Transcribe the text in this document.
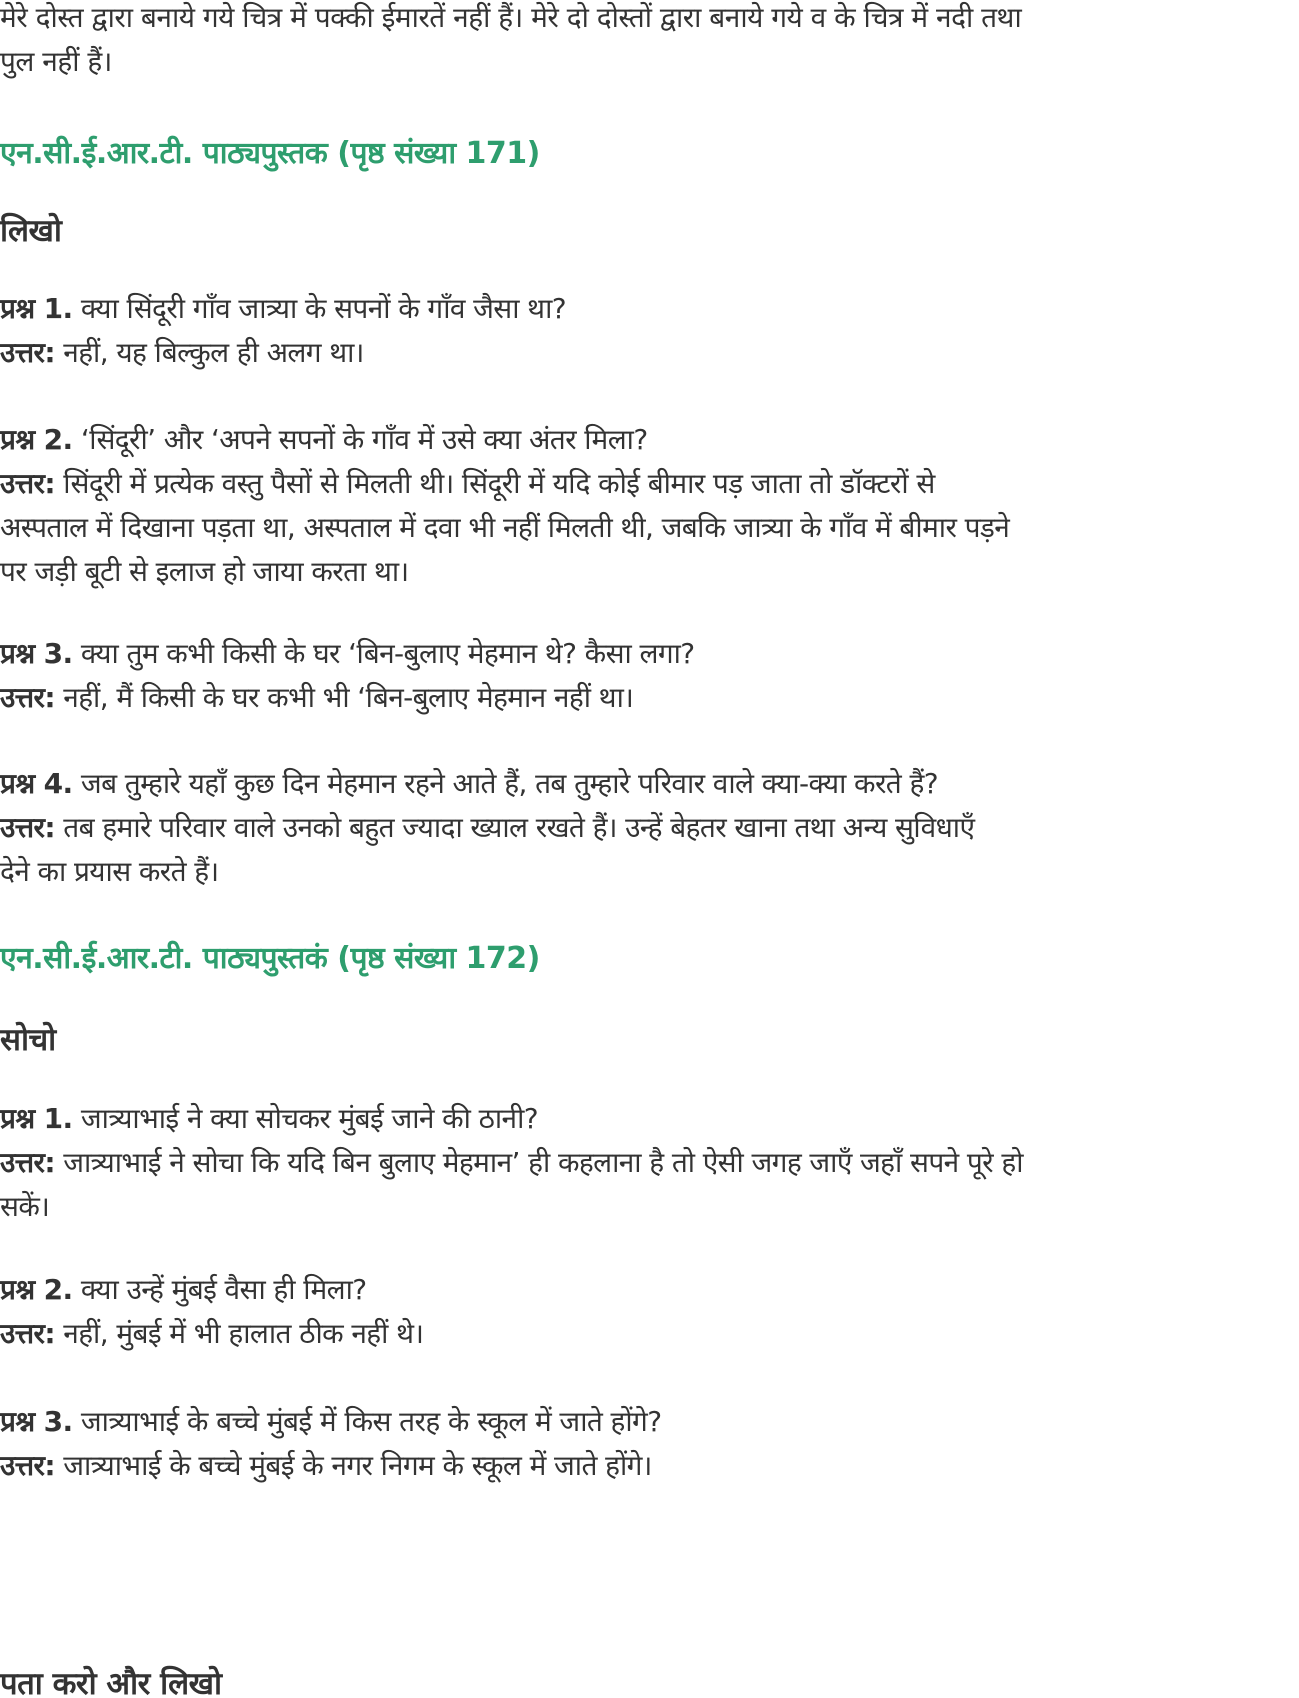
मेरे दोस्त द्वारा बनाये गये चित्र में पक्की ईमारतें नहीं हैं। मेरे दो दोस्तों द्वारा बनाये गये व के चित्र में नदी तथा
पुल नहीं हैं।
एन.सी.ई.आर.टी. पाठ्यपुस्तक (पृष्ठ संख्या 171)
लिखो
प्रश्न 1. क्या सिंदूरी गाँव जात्र्या के सपनों के गाँव जैसा था?
उत्तर: नहीं, यह बिल्कुल ही अलग था।
प्रश्न 2. ‘सिंदूरी’ और ‘अपने सपनों के गाँव में उसे क्या अंतर मिला?
उत्तर: सिंदूरी में प्रत्येक वस्तु पैसों से मिलती थी। सिंदूरी में यदि कोई बीमार पड़ जाता तो डॉक्टरों से
अस्पताल में दिखाना पड़ता था, अस्पताल में दवा भी नहीं मिलती थी, जबकि जात्र्या के गाँव में बीमार पड़ने
पर जड़ी बूटी से इलाज हो जाया करता था।
प्रश्न 3. क्या तुम कभी किसी के घर ‘बिन-बुलाए मेहमान थे? कैसा लगा?
उत्तर: नहीं, मैं किसी के घर कभी भी ‘बिन-बुलाए मेहमान नहीं था।
प्रश्न 4. जब तुम्हारे यहाँ कुछ दिन मेहमान रहने आते हैं, तब तुम्हारे परिवार वाले क्या-क्या करते हैं?
उत्तर: तब हमारे परिवार वाले उनको बहुत ज्यादा ख्याल रखते हैं। उन्हें बेहतर खाना तथा अन्य सुविधाएँ
देने का प्रयास करते हैं।
एन.सी.ई.आर.टी. पाठ्यपुस्तकं (पृष्ठ संख्या 172)
सोचो
प्रश्न 1. जात्र्याभाई ने क्या सोचकर मुंबई जाने की ठानी?
उत्तर: जात्र्याभाई ने सोचा कि यदि बिन बुलाए मेहमान’ ही कहलाना है तो ऐसी जगह जाएँ जहाँ सपने पूरे हो
सकें।
प्रश्न 2. क्या उन्हें मुंबई वैसा ही मिला?
उत्तर: नहीं, मुंबई में भी हालात ठीक नहीं थे।
प्रश्न 3. जात्र्याभाई के बच्चे मुंबई में किस तरह के स्कूल में जाते होंगे?
उत्तर: जात्र्याभाई के बच्चे मुंबई के नगर निगम के स्कूल में जाते होंगे।
पता करो और लिखो
